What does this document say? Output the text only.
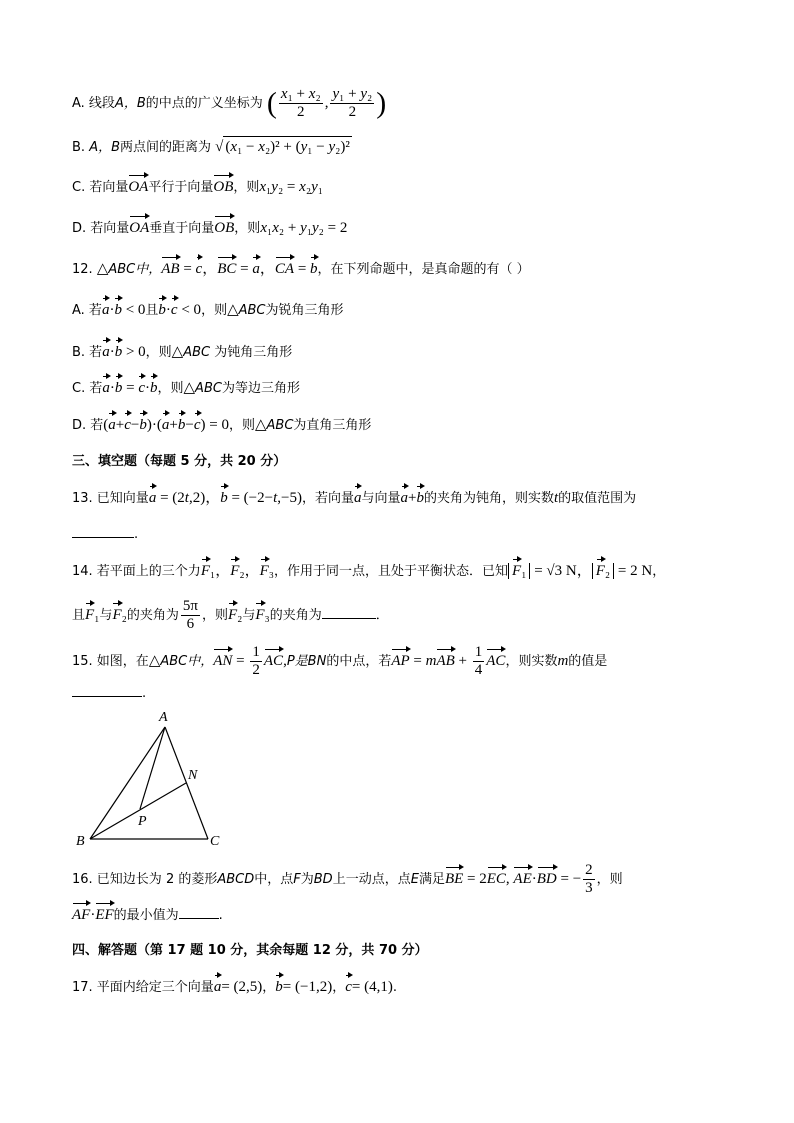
A. 线段A，B的中点的广义坐标为 ( $\frac{\text{x₁ + x₂}}{2}$ , $\frac{\text{y₁ + y₂}}{2}$ )
B. A，B两点间的距离为 √ (x₁ − x₂)² + (y₁ − y₂)²
C. 若向量OA平行于向量OB，则x₁y₂ = x₂y₁
D. 若向量OA垂直于向量OB，则x₁x₂ + y₁y₂ = 2
12. △ABC中，AB = c，BC = a，CA = b，在下列命题中，是真命题的有（ ）
A. 若a·b < 0且b·c < 0，则△ABC为锐角三角形
B. 若a·b > 0，则△ABC 为钝角三角形
C. 若a·b = c·b，则△ABC为等边三角形
D. 若(a+c−b)·(a+b−c) = 0，则△ABC为直角三角形
三、填空题（每题 5 分，共 20 分）
13. 已知向量a = (2t,2)，b = (−2−t,−5)，若向量a与向量a+b的夹角为钝角，则实数t的取值范围为
.
14. 若平面上的三个力F₁，F₂，F₃，作用于同一点，且处于平衡状态．已知 F₁ = √3 N， F₂ = 2 N，
且F₁与F₂的夹角为 $\frac{5\pi}{6}$ ，则F₂与F₃的夹角为	．
15. 如图，在△ABC中，AN = $\frac{1}{2} AC,P$是BN的中点，若AP = mAB + $\frac{1}{4}$ AC，则实数m的值是
.
A
B	C
N
P
16. 已知边长为 2 的菱形ABCD中，点F为BD上一动点，点E满足BE = 2EC, AE·BD = − $\frac{2}{3}$ ，则
AF·EF的最小值为	.
四、解答题（第 17 题 10 分，其余每题 12 分，共 70 分）
17. 平面内给定三个向量a= (2,5)，b= (−1,2)，c= (4,1).
